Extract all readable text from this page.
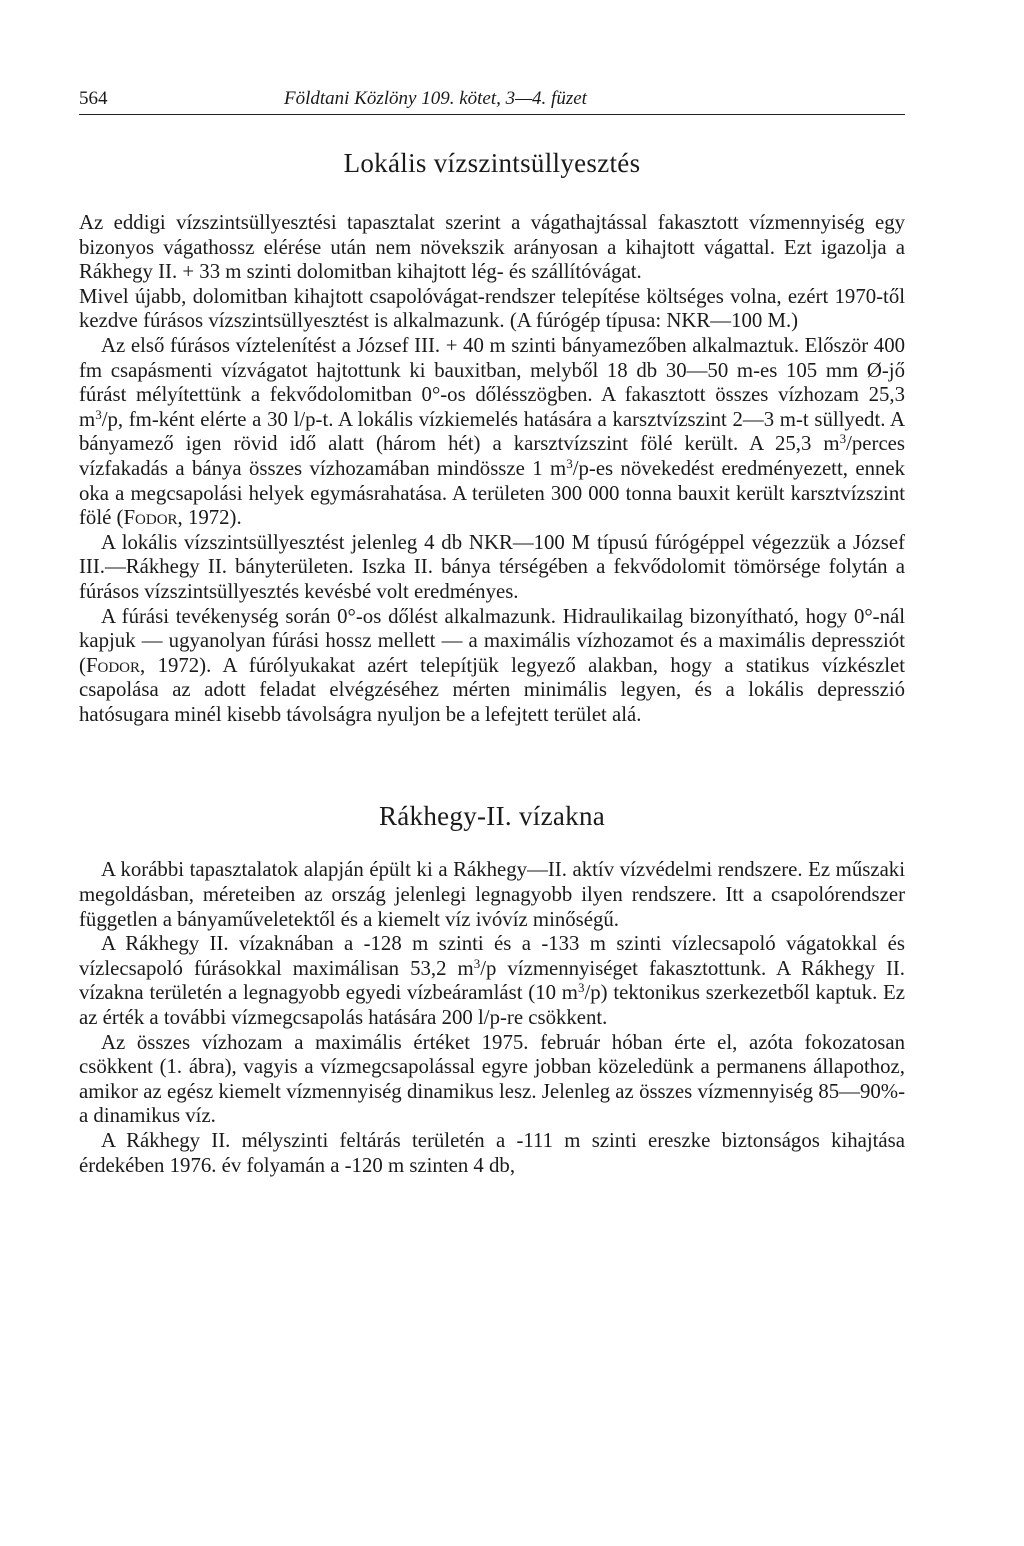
564	Földtani Közlöny 109. kötet, 3—4. füzet
Lokális vízszintsüllyesztés

Az eddigi vízszintsüllyesztési tapasztalat szerint a vágathajtással fakasztott vízmennyiség egy bizonyos vágathossz elérése után nem növekszik arányosan a kihajtott vágattal. Ezt igazolja a Rákhegy II. + 33 m szinti dolomitban kihajtott lég- és szállítóvágat.

Mivel újabb, dolomitban kihajtott csapolóvágat-rendszer telepítése költséges volna, ezért 1970-től kezdve fúrásos vízszintsüllyesztést is alkalmazunk. (A fúrógép típusa: NKR—100 M.)

Az első fúrásos víztelenítést a József III. + 40 m szinti bányamezőben alkalmaztuk. Először 400 fm csapásmenti vízvágatot hajtottunk ki bauxitban, melyből 18 db 30—50 m-es 105 mm Ø-jő fúrást mélyítettünk a fekvődolomitban 0°-os dőlésszögben. A fakasztott összes vízhozam 25,3 $m^3/p$, fm-ként elérte a 30 l/p-t. A lokális vízkiemelés hatására a karsztvízszint 2—3 m-t süllyedt. A bányamező igen rövid idő alatt (három hét) a karsztvízszint fölé került. A 25,3 $m^3$/perces vízfakadás a bánya összes vízhozamában mindössze 1 $m^3/p-es$ növekedést eredményezett, ennek oka a megcsapolási helyek egymásrahatása. A területen 300 000 tonna bauxit került karsztvízszint fölé (Fodor, 1972).

A lokális vízszintsüllyesztést jelenleg 4 db NKR—100 M típusú fúrógéppel végezzük a József III.—Rákhegy II. bányterületen. Iszka II. bánya térségében a fekvődolomit tömörsége folytán a fúrásos vízszintsüllyesztés kevésbé volt eredményes.

A fúrási tevékenység során 0°-os dőlést alkalmazunk. Hidraulikailag bizonyítható, hogy 0°-nál kapjuk — ugyanolyan fúrási hossz mellett — a maximális vízhozamot és a maximális depressziót (Fodor, 1972). A fúrólyukakat azért telepítjük legyező alakban, hogy a statikus vízkészlet csapolása az adott feladat elvégzéséhez mérten minimális legyen, és a lokális depresszió hatósugara minél kisebb távolságra nyuljon be a lefejtett terület alá.

Rákhegy-II. vízakna

A korábbi tapasztalatok alapján épült ki a Rákhegy—II. aktív vízvédelmi rendszere. Ez műszaki megoldásban, méreteiben az ország jelenlegi legnagyobb ilyen rendszere. Itt a csapolórendszer független a bányaműveletektől és a kiemelt víz ivóvíz minőségű.

A Rákhegy II. vízaknában a -128 m szinti és a -133 m szinti vízlecsapoló vágatokkal és vízlecsapoló fúrásokkal maximálisan 53,2 $m^3/p$ vízmennyiséget fakasztottunk. A Rákhegy II. vízakna területén a legnagyobb egyedi vízbeáramlást (10 $m^3/p$) tektonikus szerkezetből kaptuk. Ez az érték a további vízmegcsapolás hatására 200 l/p-re csökkent.

Az összes vízhozam a maximális értéket 1975. február hóban érte el, azóta fokozatosan csökkent (1. ábra), vagyis a vízmegcsapolással egyre jobban közeledünk a permanens állapothoz, amikor az egész kiemelt vízmennyiség dinamikus lesz. Jelenleg az összes vízmennyiség 85—90%-a dinamikus víz.

A Rákhegy II. mélyszinti feltárás területén a -111 m szinti ereszke biztonságos kihajtása érdekében 1976. év folyamán a -120 m szinten 4 db,
